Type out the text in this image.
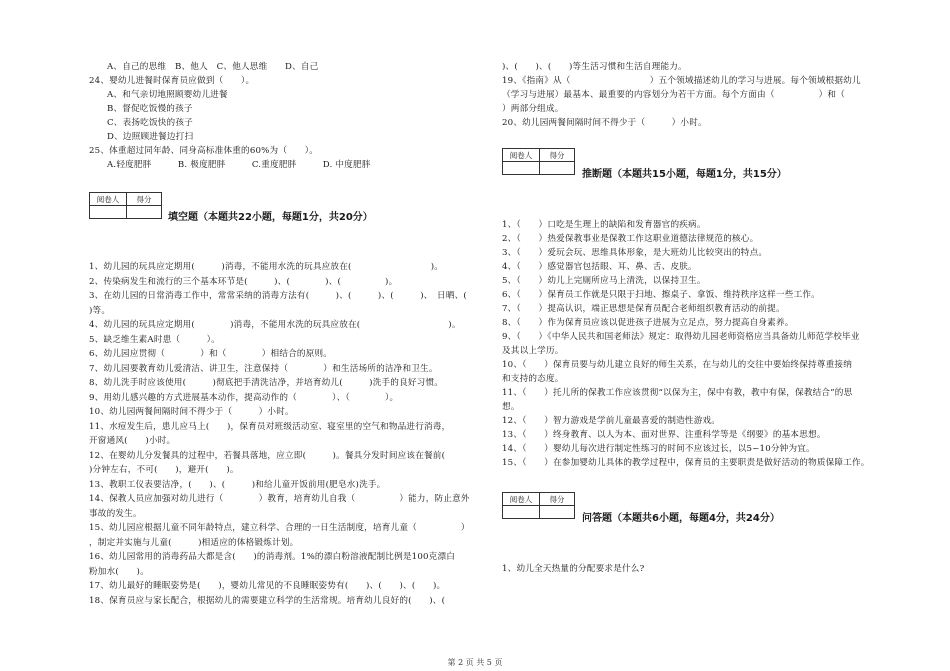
A、自己的思维　B、他人　C、他人思维　　D、自己
24、婴幼儿进餐时保育员应做到（　　）。
A、和气亲切地照顾婴幼儿进餐
B、督促吃饭慢的孩子
C、表扬吃饭快的孩子
D、边照顾进餐边打扫
25、体重超过同年龄、同身高标准体重的60%为（　　）。
A.轻度肥胖　　　B. 极度肥胖　　　C.重度肥胖　　　D. 中度肥胖
阅卷人	得分

填空题（本题共22小题，每题1分，共20分）
1、幼儿园的玩具应定期用(　　　)消毒，不能用水洗的玩具应放在(　　　　　　　　　)。
2、传染病发生和流行的三个基本环节是(　　　)、(　　　　)、(　　　　　)。
3、在幼儿园的日常消毒工作中，常常采纳的消毒方法有(　　　)、(　　　)、(　　　)、　日晒、(　　
)等。
4、幼儿园的玩具应定期用(　　　　)消毒，不能用水洗的玩具应放在(　　　　　　　　　　)。
5、缺乏维生素A时患（　　　）。
6、幼儿园应贯彻（　　　　）和（　　　　）相结合的原则。
7、幼儿园要教育幼儿爱清洁、讲卫生，注意保持（　　　　）和生活场所的洁净和卫生。
8、幼儿洗手时应该使用(　　　)彻底把手清洗洁净，并培育幼儿(　　　)洗手的良好习惯。
9、用幼儿感兴趣的方式进展基本动作，提高动作的（　　　　）、（　　　　）。
10、幼儿园两餐间隔时间不得少于（　　　）小时。
11、水痘发生后，患儿应马上(　　)，保育员对班级活动室、寝室里的空气和物品进行消毒，
开窗通风(　　)小时。
12、在婴幼儿分发餐具的过程中，若餐具落地，应立即(　　　)。餐具分发时间应该在餐前(　　
)分钟左右，不可(　　)，避开(　　)。
13、教职工仪表要洁净，(　　)、(　　　)和给儿童开饭前用(肥皂水)洗手。
14、保教人员应加强对幼儿进行（　　　　）教育，培育幼儿自我（　　　　　）能力，防止意外
事故的发生。
15、幼儿园应根据儿童不同年龄特点，建立科学、合理的一日生活制度，培育儿童（　　　　　）
，制定并实施与儿童(　　　)相适应的体格锻炼计划。
16、幼儿园常用的消毒药品大都是含(　　)的消毒剂。1%的漂白粉溶液配制比例是100克漂白
粉加水(　　)。
17、幼儿最好的睡眠姿势是(　　)，婴幼儿常见的不良睡眠姿势有(　　)、(　　)、(　　)。
18、保育员应与家长配合，根据幼儿的需要建立科学的生活常规。培育幼儿良好的(　　)、(
)、(　　)、(　　)等生活习惯和生活自理能力。
19、《指南》从（　　　　　　　　　）五个领域描述幼儿的学习与进展。每个领域根据幼儿
（学习与进展）最基本、最重要的内容划分为若干方面。每个方面由（　　　　　）和（
）两部分组成。
20、幼儿园两餐间隔时间不得少于（　　　）小时。
阅卷人	得分

推断题（本题共15小题，每题1分，共15分）
1、（　　）口吃是生理上的缺陷和发育器官的疾病。
2、（　　）热爱保教事业是保教工作这职业道德法律规范的核心。
3、（　　）爱玩会玩、思维具体形象，是大班幼儿比较突出的特点。
4、（　　）感觉器官包括眼、耳、鼻、舌、皮肤。
5、（　　）幼儿上完厕所应马上清洗，以保持卫生。
6、（　　）保育员工作就是只限于扫地、擦桌子、拿饭、维持秩序这样一些工作。
7、（　　）提高认识，端正思想是保育员配合老师组织教育活动的前提。
8、（　　）作为保育员应该以促进孩子进展为立足点，努力提高自身素养。
9、（　　）《中华人民共和国老师法》规定：取得幼儿园老师资格应当具备幼儿师范学校毕业
及其以上学历。
10、（　　）保育员要与幼儿建立良好的师生关系，在与幼儿的交往中要始终保持尊重接纳
和支持的态度。
11、（　　）托儿所的保教工作应该贯彻“以保为主，保中有教，教中有保，保教结合”的思
想。
12、（　　）智力游戏是学前儿童最喜爱的制造性游戏。
13、（　　）终身教育、以人为本、面对世界、注重科学等是《纲要》的基本思想。
14、（　　）婴幼儿每次进行制定性练习的时间不应该过长，以5~10分钟为宜。
15、（　　）在参加婴幼儿具体的教学过程中，保育员的主要职责是做好活动的物质保障工作。
阅卷人	得分

问答题（本题共6小题，每题4分，共24分）
1、幼儿全天热量的分配要求是什么?
第 2 页 共 5 页
